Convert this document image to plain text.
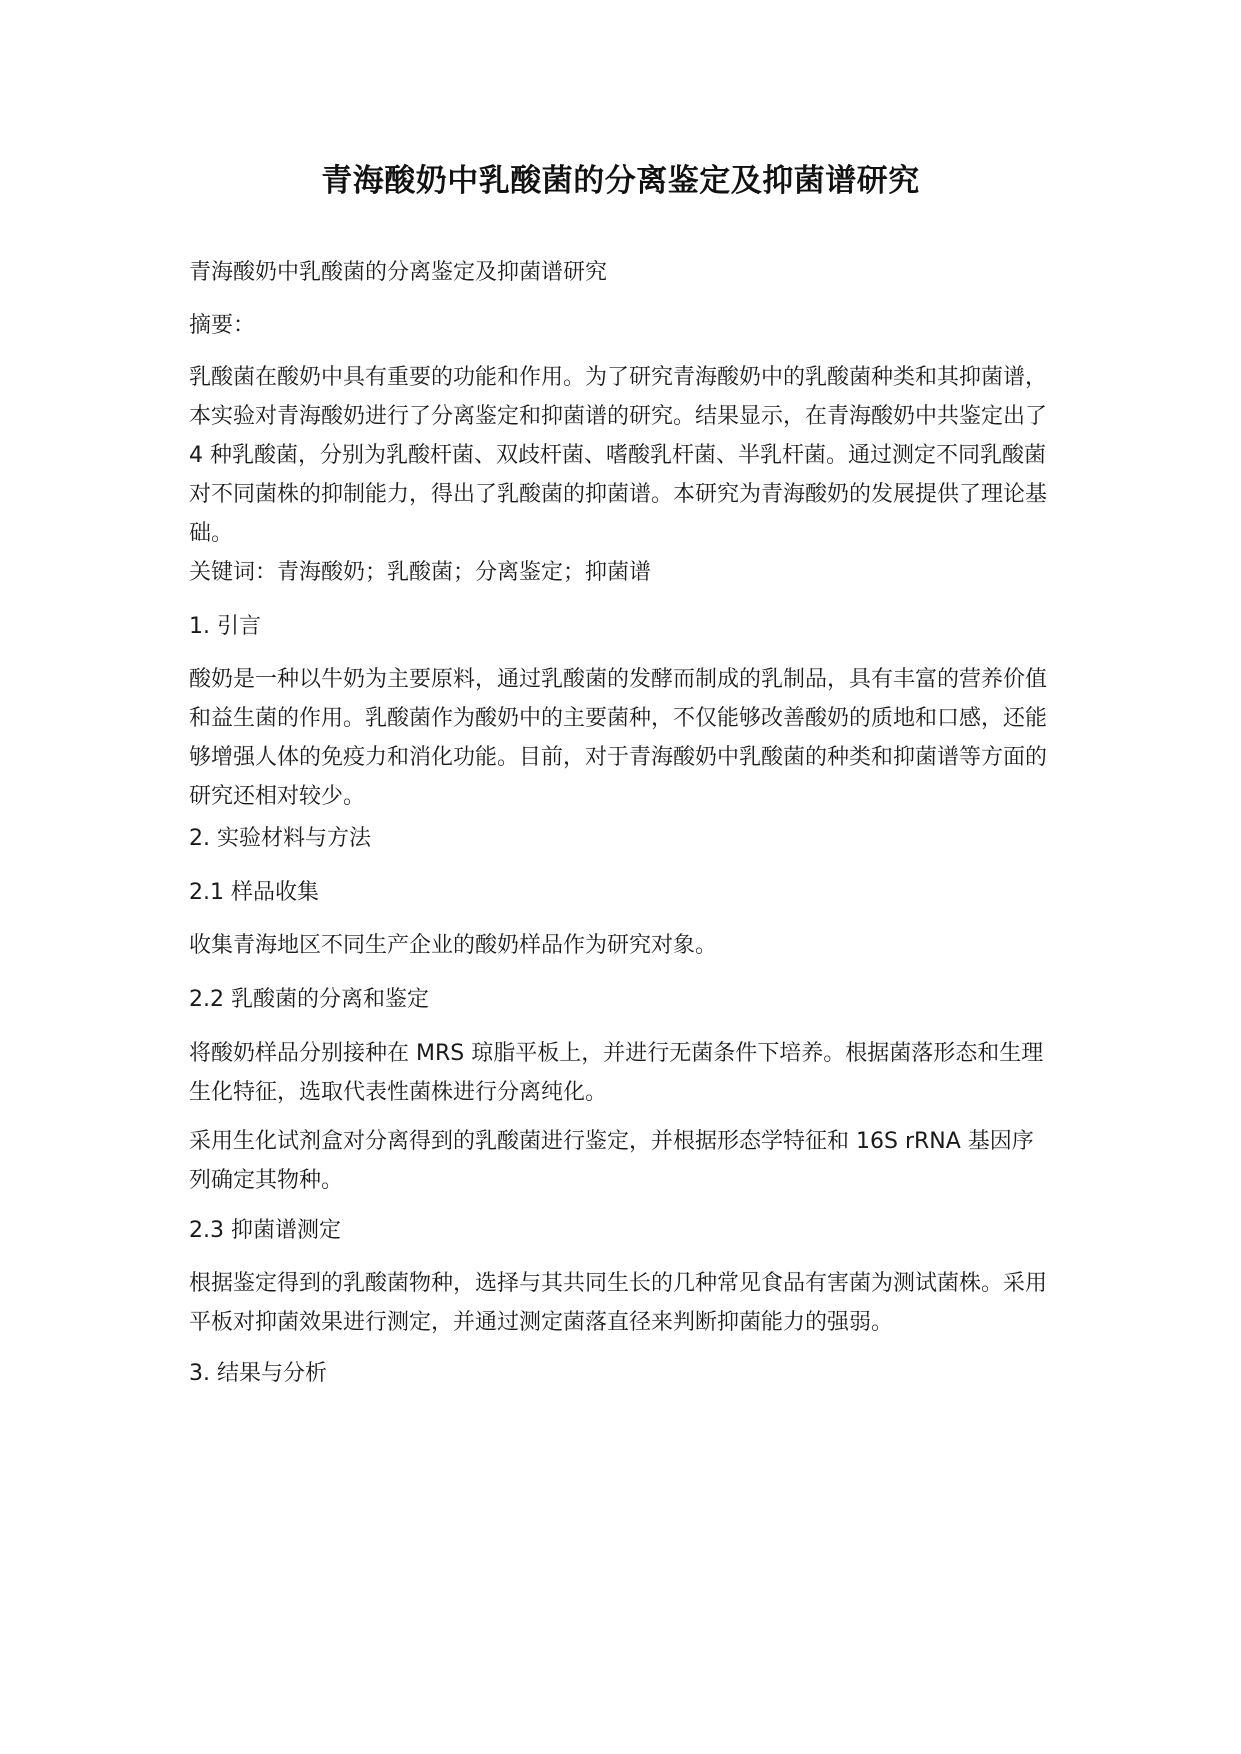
青海酸奶中乳酸菌的分离鉴定及抑菌谱研究

青海酸奶中乳酸菌的分离鉴定及抑菌谱研究

摘要：

乳酸菌在酸奶中具有重要的功能和作用。为了研究青海酸奶中的乳酸菌种类和其抑菌谱，本实验对青海酸奶进行了分离鉴定和抑菌谱的研究。结果显示，在青海酸奶中共鉴定出了 4 种乳酸菌，分别为乳酸杆菌、双歧杆菌、嗜酸乳杆菌、半乳杆菌。通过测定不同乳酸菌对不同菌株的抑制能力，得出了乳酸菌的抑菌谱。本研究为青海酸奶的发展提供了理论基础。

关键词：青海酸奶；乳酸菌；分离鉴定；抑菌谱

1. 引言

酸奶是一种以牛奶为主要原料，通过乳酸菌的发酵而制成的乳制品，具有丰富的营养价值和益生菌的作用。乳酸菌作为酸奶中的主要菌种，不仅能够改善酸奶的质地和口感，还能够增强人体的免疫力和消化功能。目前，对于青海酸奶中乳酸菌的种类和抑菌谱等方面的研究还相对较少。

2. 实验材料与方法

2.1 样品收集

收集青海地区不同生产企业的酸奶样品作为研究对象。

2.2 乳酸菌的分离和鉴定

将酸奶样品分别接种在 MRS 琼脂平板上，并进行无菌条件下培养。根据菌落形态和生理生化特征，选取代表性菌株进行分离纯化。

采用生化试剂盒对分离得到的乳酸菌进行鉴定，并根据形态学特征和 16S rRNA 基因序列确定其物种。

2.3 抑菌谱测定

根据鉴定得到的乳酸菌物种，选择与其共同生长的几种常见食品有害菌为测试菌株。采用平板对抑菌效果进行测定，并通过测定菌落直径来判断抑菌能力的强弱。

3. 结果与分析
